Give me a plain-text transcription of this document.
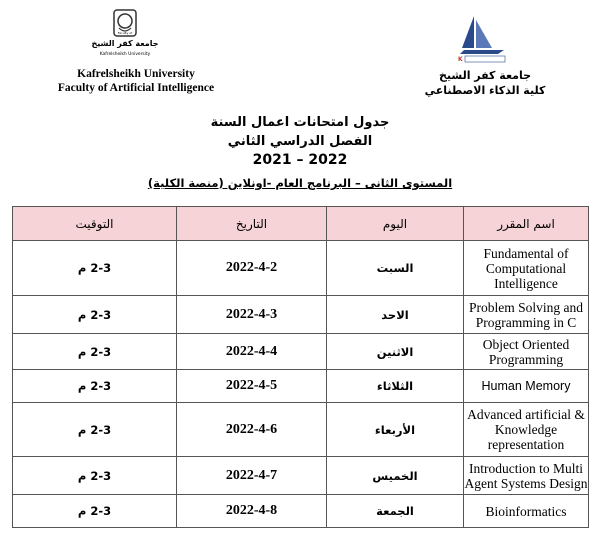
Faculty of
جامعة كفر الشيخ
Kafrelsheikh University
Kafrelsheikh University
Faculty of Artificial Intelligence
K
جامعة كفر الشيخ
كلية الذكاء الاصطناعي
جدول امتحانات اعمال السنة
الفصل الدراسي الثاني
2021 – 2022
المستوى الثانى – البرنامج العام -اونلاين (منصة الكلية)
اسم المقرر	اليوم	التاريخ	التوقيت
Fundamental of Computational Intelligence	السبت	2022-4-2	2-3 م
Problem Solving and Programming in C	الاحد	2022-4-3	2-3 م
Object Oriented Programming	الاثنين	2022-4-4	2-3 م
Human Memory	الثلاثاء	2022-4-5	2-3 م
Advanced artificial & Knowledge representation	الأربعاء	2022-4-6	2-3 م
Introduction to Multi Agent Systems Design	الخميس	2022-4-7	2-3 م
Bioinformatics	الجمعة	2022-4-8	2-3 م
